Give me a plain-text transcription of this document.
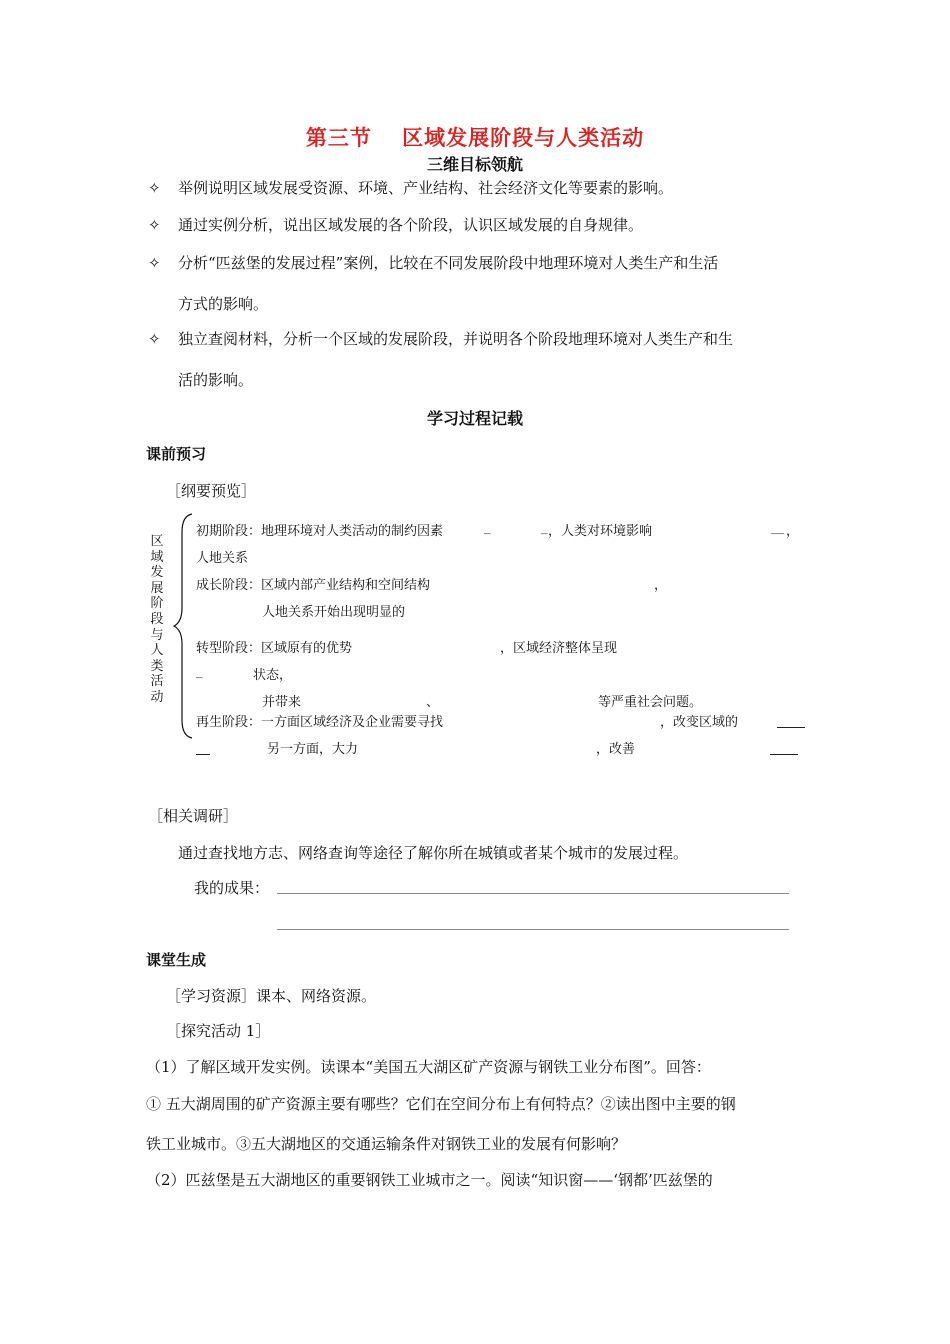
第三节　 区域发展阶段与人类活动
三维目标领航
✧ 举例说明区域发展受资源、环境、产业结构、社会经济文化等要素的影响。
✧ 通过实例分析，说出区域发展的各个阶段，认识区域发展的自身规律。
✧ 分析“匹兹堡的发展过程”案例，比较在不同发展阶段中地理环境对人类生产和生活
方式的影响。
✧ 独立查阅材料，分析一个区域的发展阶段，并说明各个阶段地理环境对人类生产和生
活的影响。
学习过程记载
课前预习
［纲要预览］
区域发展阶段与人类活动
初期阶段：地理环境对人类活动的制约因素	_	_ ，人类对环境影响	__ ，
人地关系
成长阶段：区域内部产业结构和空间结构	，
人地关系开始出现明显的
转型阶段：区域原有的优势	，区域经济整体呈现
_	状态，
并带来	、	等严重社会问题。
再生阶段：一方面区域经济及企业需要寻找	，改变区域的
另一方面，大力	，改善
［相关调研］
通过查找地方志、网络查询等途径了解你所在城镇或者某个城市的发展过程。
我的成果：
课堂生成
［学习资源］课本、网络资源。
［探究活动 1］
（1）了解区域开发实例。读课本“美国五大湖区矿产资源与钢铁工业分布图”。回答：
① 五大湖周围的矿产资源主要有哪些？它们在空间分布上有何特点？②读出图中主要的钢
铁工业城市。③五大湖地区的交通运输条件对钢铁工业的发展有何影响？
（2）匹兹堡是五大湖地区的重要钢铁工业城市之一。阅读“知识窗——‘钢都’匹兹堡的
